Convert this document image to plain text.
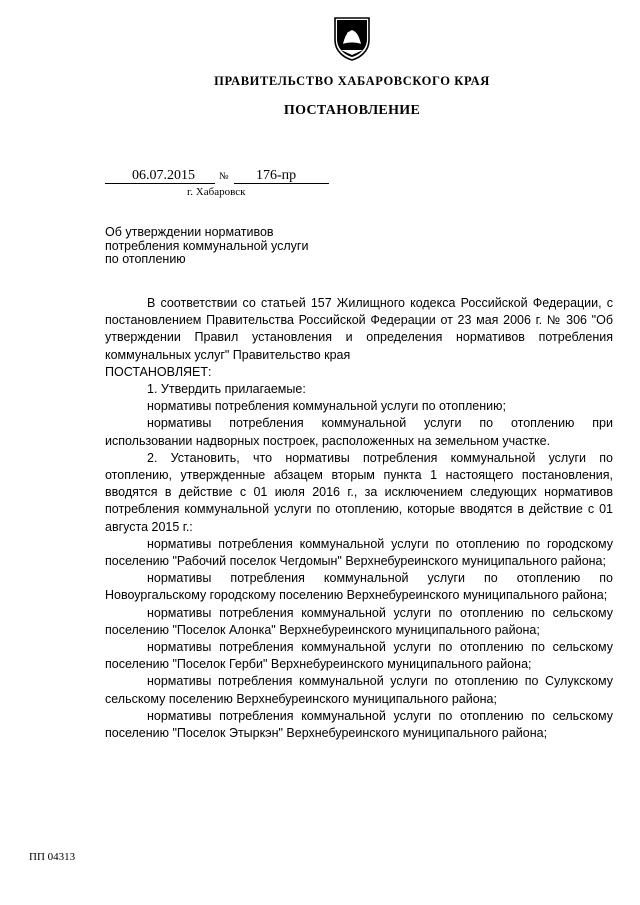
ПРАВИТЕЛЬСТВО ХАБАРОВСКОГО КРАЯ
ПОСТАНОВЛЕНИЕ
06.07.2015	№	176-пр
г. Хабаровск
Об утверждении нормативов потребления коммунальной услуги по отоплению

В соответствии со статьей 157 Жилищного кодекса Российской Федерации, с постановлением Правительства Российской Федерации от 23 мая 2006 г. № 306 "Об утверждении Правил установления и определения нормативов потребления коммунальных услуг" Правительство края

ПОСТАНОВЛЯЕТ:

1. Утвердить прилагаемые:

нормативы потребления коммунальной услуги по отоплению;

нормативы потребления коммунальной услуги по отоплению при использовании надворных построек, расположенных на земельном участке.

2. Установить, что нормативы потребления коммунальной услуги по отоплению, утвержденные абзацем вторым пункта 1 настоящего постановления, вводятся в действие с 01 июля 2016 г., за исключением следующих нормативов потребления коммунальной услуги по отоплению, которые вводятся в действие с 01 августа 2015 г.:

нормативы потребления коммунальной услуги по отоплению по городскому поселению "Рабочий поселок Чегдомын" Верхнебуреинского муниципального района;

нормативы потребления коммунальной услуги по отоплению по Новоургальскому городскому поселению Верхнебуреинского муниципального района;

нормативы потребления коммунальной услуги по отоплению по сельскому поселению "Поселок Алонка" Верхнебуреинского муниципального района;

нормативы потребления коммунальной услуги по отоплению по сельскому поселению "Поселок Герби" Верхнебуреинского муниципального района;

нормативы потребления коммунальной услуги по отоплению по Сулукскому сельскому поселению Верхнебуреинского муниципального района;

нормативы потребления коммунальной услуги по отоплению по сельскому поселению "Поселок Этыркэн" Верхнебуреинского муниципального района;

ПП 04313
